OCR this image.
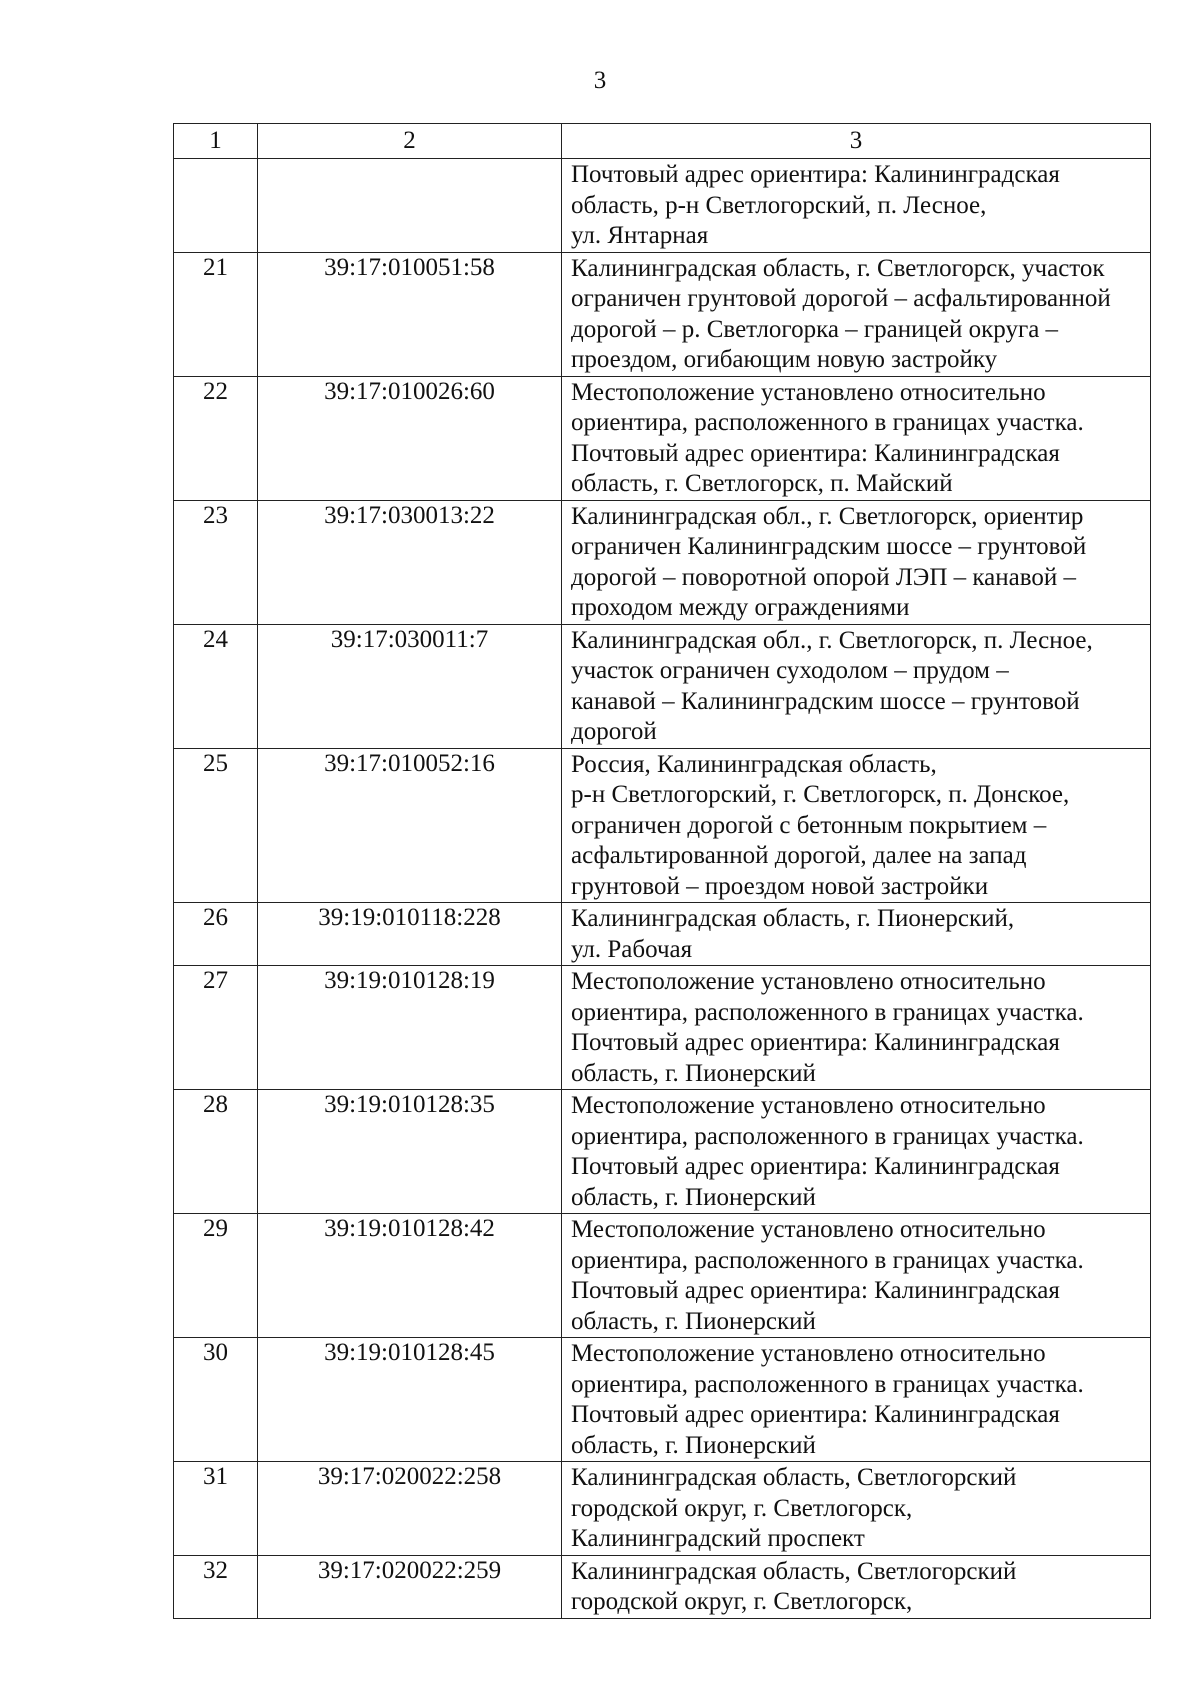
3
1	2	3

		Почтовый адрес ориентира: Калининградская
область, р-н Светлогорский, п. Лесное,
ул. Янтарная

21	39:17:010051:58	Калининградская область, г. Светлогорск, участок
ограничен грунтовой дорогой – асфальтированной
дорогой – р. Светлогорка – границей округа –
проездом, огибающим новую застройку

22	39:17:010026:60	Местоположение установлено относительно
ориентира, расположенного в границах участка.
Почтовый адрес ориентира: Калининградская
область, г. Светлогорск, п. Майский

23	39:17:030013:22	Калининградская обл., г. Светлогорск, ориентир
ограничен Калининградским шоссе – грунтовой
дорогой – поворотной опорой ЛЭП – канавой –
проходом между ограждениями

24	39:17:030011:7	Калининградская обл., г. Светлогорск, п. Лесное,
участок ограничен суходолом – прудом –
канавой – Калининградским шоссе – грунтовой
дорогой

25	39:17:010052:16	Россия, Калининградская область,
р-н Светлогорский, г. Светлогорск, п. Донское,
ограничен дорогой с бетонным покрытием –
асфальтированной дорогой, далее на запад
грунтовой – проездом новой застройки

26	39:19:010118:228	Калининградская область, г. Пионерский,
ул. Рабочая

27	39:19:010128:19	Местоположение установлено относительно
ориентира, расположенного в границах участка.
Почтовый адрес ориентира: Калининградская
область, г. Пионерский

28	39:19:010128:35	Местоположение установлено относительно
ориентира, расположенного в границах участка.
Почтовый адрес ориентира: Калининградская
область, г. Пионерский

29	39:19:010128:42	Местоположение установлено относительно
ориентира, расположенного в границах участка.
Почтовый адрес ориентира: Калининградская
область, г. Пионерский

30	39:19:010128:45	Местоположение установлено относительно
ориентира, расположенного в границах участка.
Почтовый адрес ориентира: Калининградская
область, г. Пионерский

31	39:17:020022:258	Калининградская область, Светлогорский
городской округ, г. Светлогорск,
Калининградский проспект

32	39:17:020022:259	Калининградская область, Светлогорский
городской округ, г. Светлогорск,
